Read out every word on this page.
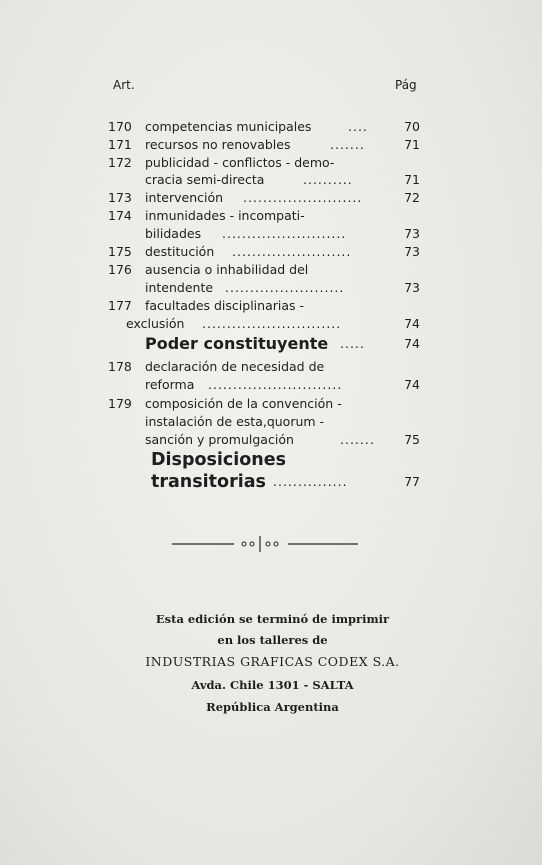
Art.	Pág
170 competencias municipales	....	70
171 recursos no renovables	.......	71
172 publicidad - conflictos - demo-
cracia semi-directa	..........	71
173 intervención ........................	72
174 inmunidades - incompati-
bilidades .........................	73
175 destitución ........................	73
176 ausencia o inhabilidad del
intendente ........................	73
177 facultades disciplinarias -
exclusión ............................	74
Poder constituyente .....	74
178 declaración de necesidad de
reforma ...........................	74
179 composición de la convención -
instalación de esta,quorum -
sanción y promulgación	....... 75
Disposiciones
transitorias ...............	77
Esta edición se terminó de imprimir
en los talleres de
INDUSTRIAS GRAFICAS CODEX S.A.
Avda. Chile 1301 - SALTA
República Argentina
